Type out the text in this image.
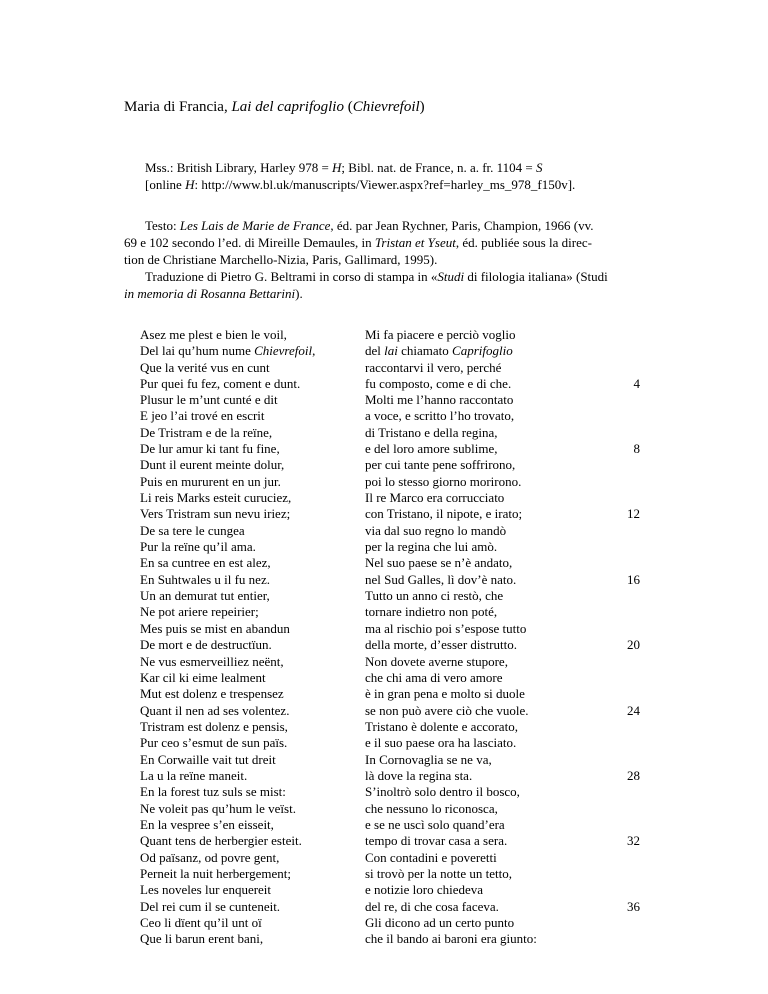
Maria di Francia, Lai del caprifoglio (Chievrefoil)
Mss.: British Library, Harley 978 = H; Bibl. nat. de France, n. a. fr. 1104 = S
[online H: http://www.bl.uk/manuscripts/Viewer.aspx?ref=harley_ms_978_f150v].
Testo: Les Lais de Marie de France, éd. par Jean Rychner, Paris, Champion, 1966 (vv.
69 e 102 secondo l’ed. di Mireille Demaules, in Tristan et Yseut, éd. publiée sous la direc-
tion de Christiane Marchello-Nizia, Paris, Gallimard, 1995).
Traduzione di Pietro G. Beltrami in corso di stampa in «Studi di filologia italiana» (Studi
in memoria di Rosanna Bettarini).
Asez me plest e bien le voil,
Del lai qu’hum nume Chievrefoil,
Que la verité vus en cunt
Pur quei fu fez, coment e dunt.
Mi fa piacere e perciò voglio
del lai chiamato Caprifoglio
raccontarvi il vero, perché
fu composto, come e di che.	4
Plusur le m’unt cunté e dit
E jeo l’ai trové en escrit
De Tristram e de la reïne,
De lur amur ki tant fu fine,
Dunt il eurent meinte dolur,
Puis en mururent en un jur.
Li reis Marks esteit curuciez,
Vers Tristram sun nevu iriez;
De sa tere le cungea
Pur la reïne qu’il ama.
En sa cuntree en est alez,
En Suhtwales u il fu nez.
Un an demurat tut entier,
Ne pot ariere repeirier;
Mes puis se mist en abandun
De mort e de destructïun.
Ne vus esmerveilliez neënt,
Kar cil ki eime lealment
Mut est dolenz e trespensez
Quant il nen ad ses volentez.
Tristram est dolenz e pensis,
Pur ceo s’esmut de sun païs.
En Corwaille vait tut dreit
La u la reïne maneit.
En la forest tuz suls se mist:
Ne voleit pas qu’hum le veïst.
En la vespree s’en eisseit,
Quant tens de herbergier esteit.
Od païsanz, od povre gent,
Perneit la nuit herbergement;
Les noveles lur enquereit
Del rei cum il se cunteneit.
Ceo li dïent qu’il unt oï
Que li barun erent bani,
Molti me l’hanno raccontato
a voce, e scritto l’ho trovato,
di Tristano e della regina,
e del loro amore sublime,
per cui tante pene soffrirono,
poi lo stesso giorno morirono.
Il re Marco era corrucciato
con Tristano, il nipote, e irato;
via dal suo regno lo mandò
per la regina che lui amò.
Nel suo paese se n’è andato,
nel Sud Galles, lì dov’è nato.
Tutto un anno ci restò, che
tornare indietro non poté,
ma al rischio poi s’espose tutto
della morte, d’esser distrutto.
Non dovete averne stupore,
che chi ama di vero amore
è in gran pena e molto si duole
se non può avere ciò che vuole.
Tristano è dolente e accorato,
e il suo paese ora ha lasciato.
In Cornovaglia se ne va,
là dove la regina sta.
S’inoltrò solo dentro il bosco,
che nessuno lo riconosca,
e se ne uscì solo quand’era
tempo di trovar casa a sera.
Con contadini e poveretti
si trovò per la notte un tetto,
e notizie loro chiedeva
del re, di che cosa faceva.
Gli dicono ad un certo punto
che il bando ai baroni era giunto:
8
12
16
20
24
28
32
36
